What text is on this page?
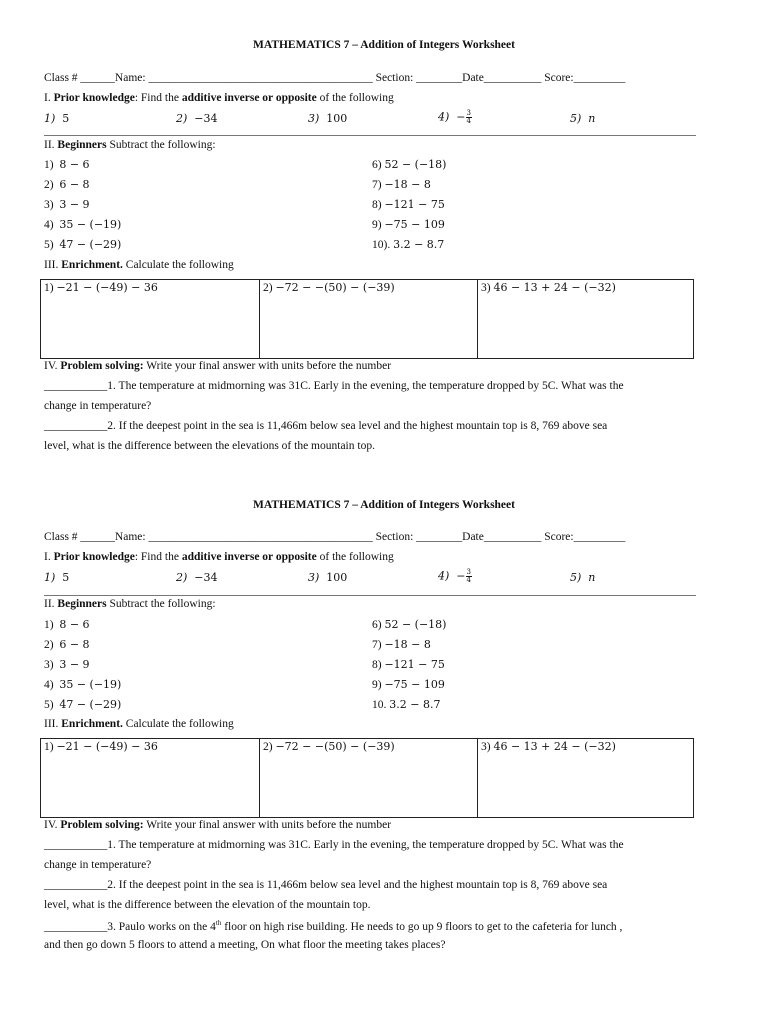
MATHEMATICS 7 – Addition of Integers Worksheet
Class # ______Name: _______________________________________ Section: ________Date__________ Score:_________
I. Prior knowledge: Find the additive inverse or opposite of the following
1) 5	2) −34	3) 100	$4) - \frac{3}{4}$	5) n
II. Beginners Subtract the following:
1) 8 − 6
2) 6 − 8
3) 3 − 9
4) 35 − (−19)
5) 47 − (−29)
6) 52 − (−18)
7) −18 − 8
8) −121 − 75
9) −75 − 109
10). 3.2 − 8.7
III. Enrichment. Calculate the following
1) −21 − (−49) − 36	2) −72 − −(50) − (−39)	3) 46 − 13 + 24 − (−32)
IV. Problem solving: Write your final answer with units before the number
___________1. The temperature at midmorning was 31C. Early in the evening, the temperature dropped by 5C. What was the
change in temperature?
___________2. If the deepest point in the sea is 11,466m below sea level and the highest mountain top is 8, 769 above sea
level, what is the difference between the elevations of the mountain top.
MATHEMATICS 7 – Addition of Integers Worksheet
Class # ______Name: _______________________________________ Section: ________Date__________ Score:_________
I. Prior knowledge: Find the additive inverse or opposite of the following
1) 5	2) −34	3) 100	$4) - \frac{3}{4}$	5) n
II. Beginners Subtract the following:
1) 8 − 6
2) 6 − 8
3) 3 − 9
4) 35 − (−19)
5) 47 − (−29)
6) 52 − (−18)
7) −18 − 8
8) −121 − 75
9) −75 − 109
10. 3.2 − 8.7
III. Enrichment. Calculate the following
1) −21 − (−49) − 36	2) −72 − −(50) − (−39)	3) 46 − 13 + 24 − (−32)
IV. Problem solving: Write your final answer with units before the number
___________1. The temperature at midmorning was 31C. Early in the evening, the temperature dropped by 5C. What was the
change in temperature?
___________2. If the deepest point in the sea is 11,466m below sea level and the highest mountain top is 8, 769 above sea
level, what is the difference between the elevation of the mountain top.
___________3. Paulo works on the 4th floor on high rise building. He needs to go up 9 floors to get to the cafeteria for lunch ,
and then go down 5 floors to attend a meeting, On what floor the meeting takes places?
